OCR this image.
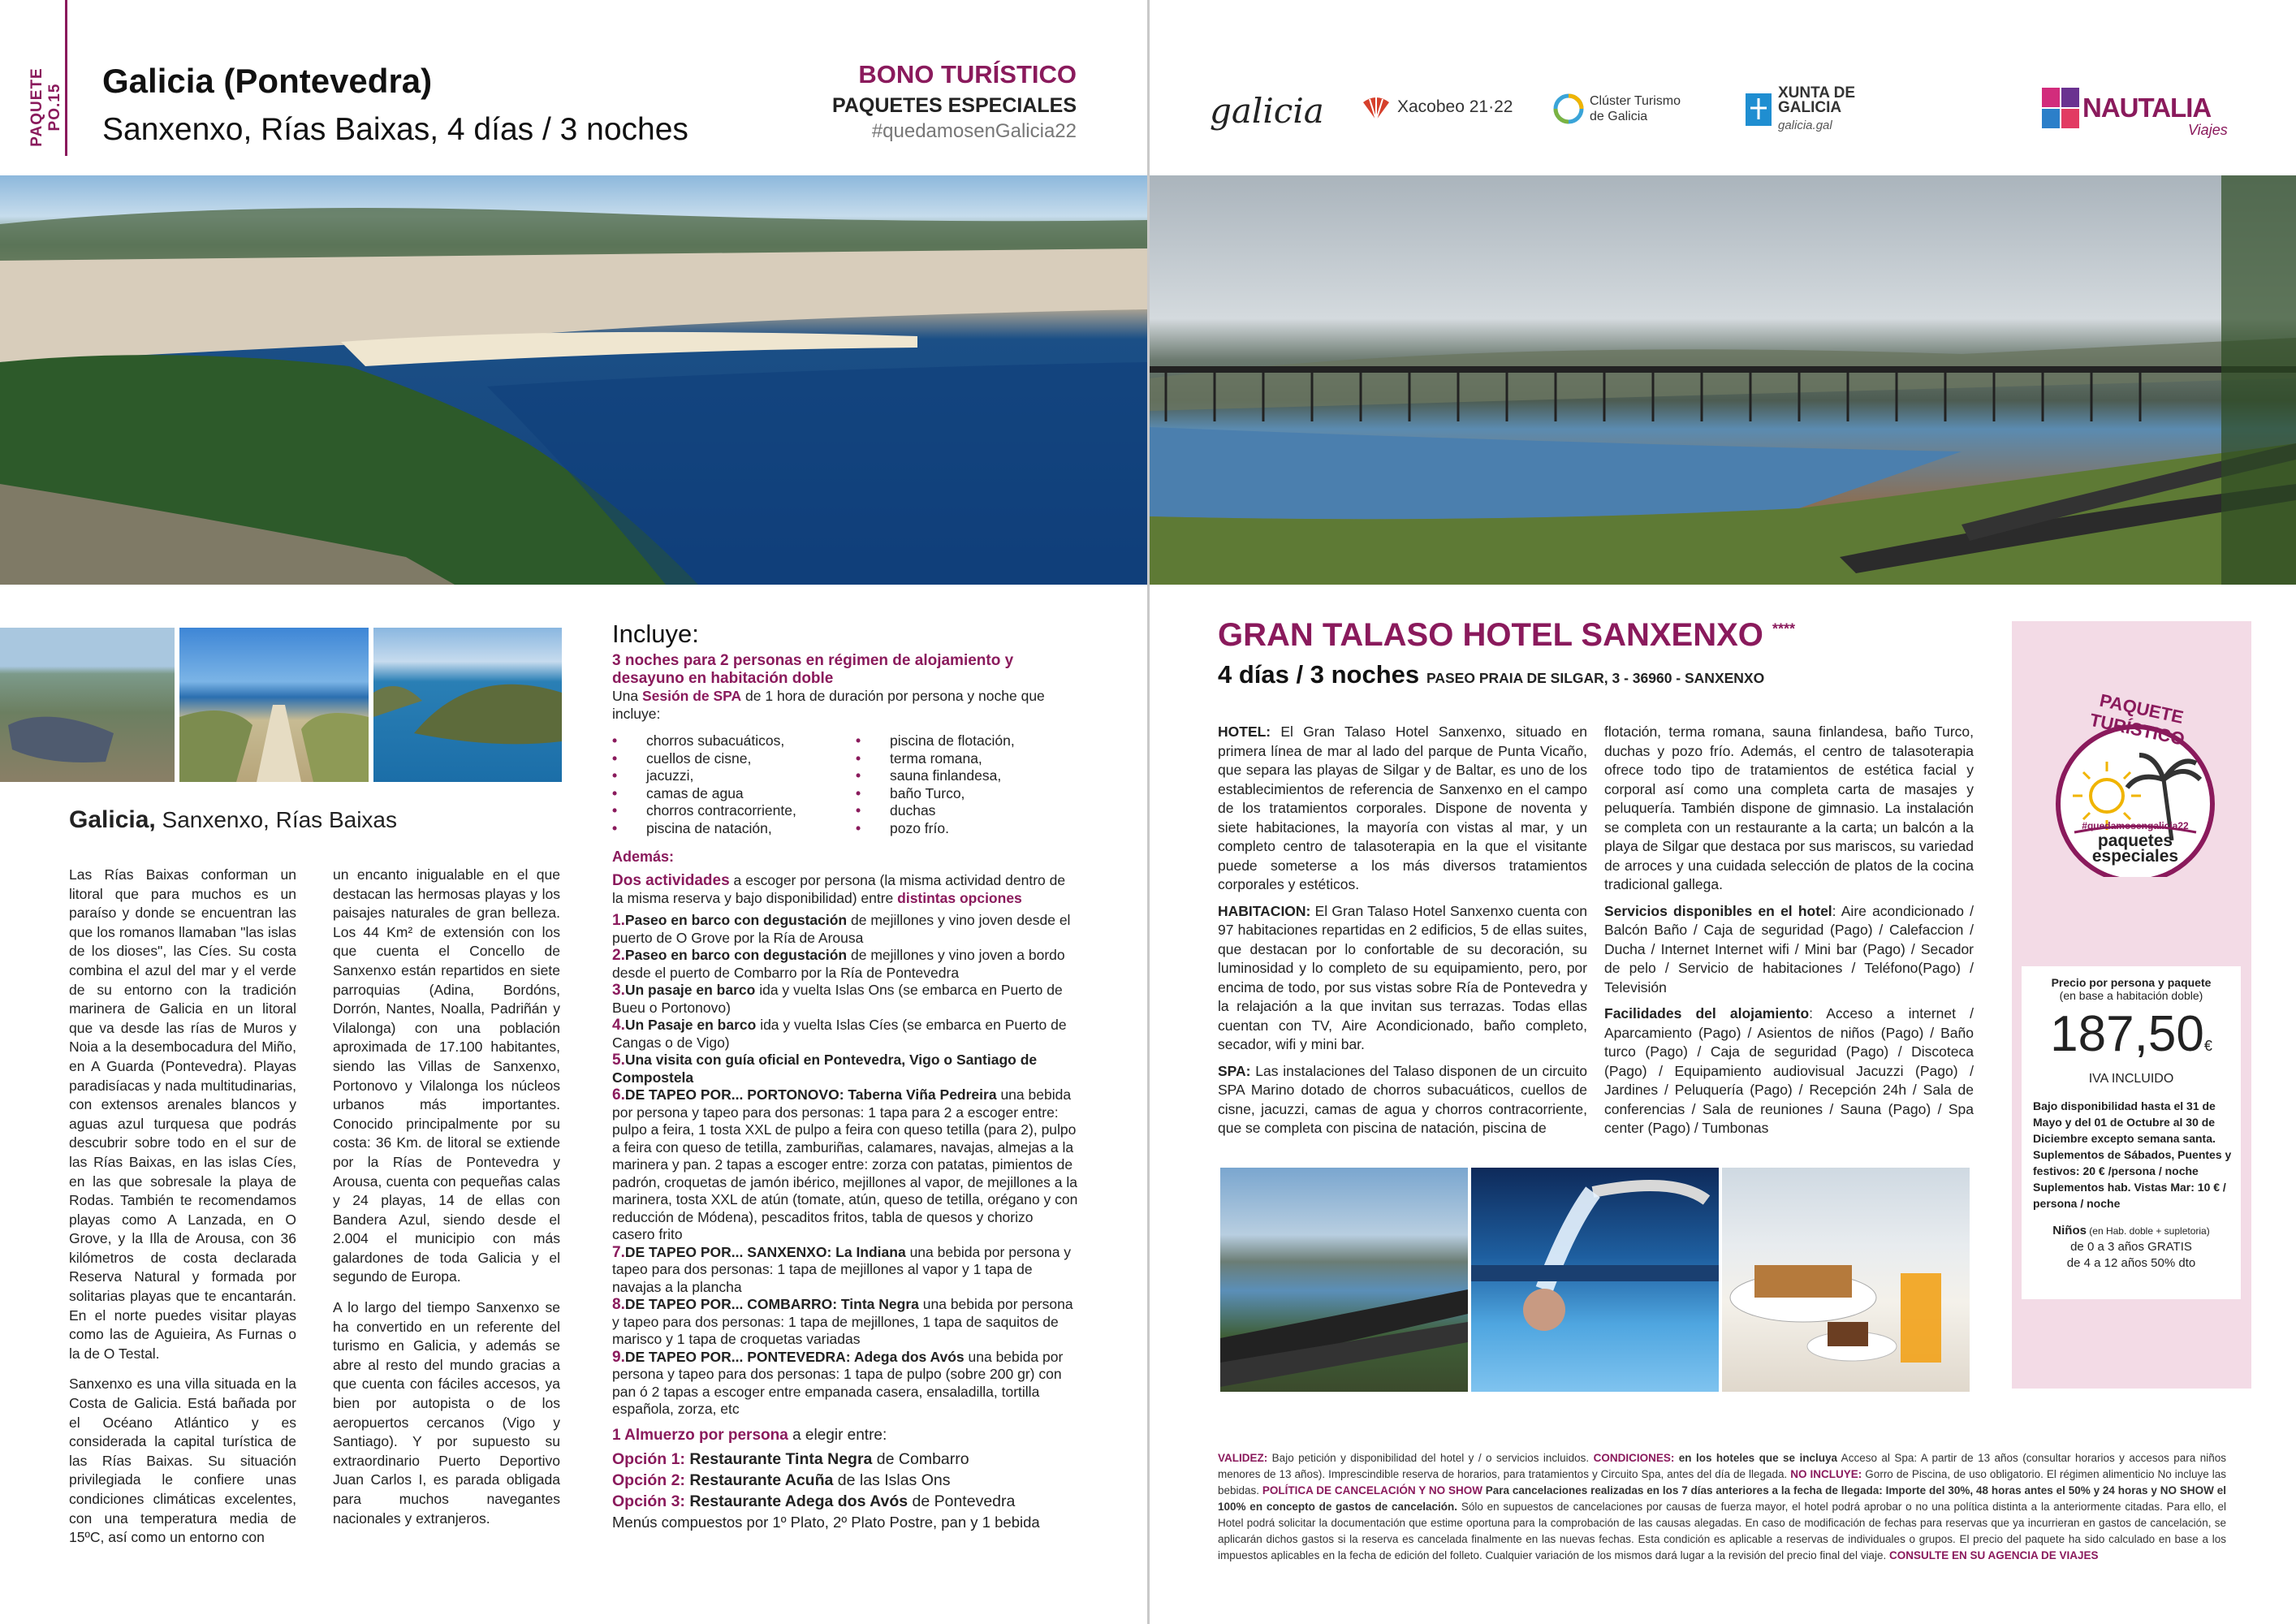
PAQUETE PO.15
Galicia (Pontevedra)
Sanxenxo, Rías Baixas, 4 días / 3 noches
BONO TURÍSTICO
PAQUETES ESPECIALES
#quedamosenGalicia22
Galicia, Sanxenxo, Rías Baixas

Las Rías Baixas conforman un litoral que para muchos es un paraíso y donde se encuentran las que los romanos llamaban "las islas de los dioses", las Cíes. Su costa combina el azul del mar y el verde de su entorno con la tradición marinera de Galicia en un litoral que va desde las rías de Muros y Noia a la desembocadura del Miño, en A Guarda (Pontevedra). Playas paradisíacas y nada multitudinarias, con extensos arenales blancos y aguas azul turquesa que podrás descubrir sobre todo en el sur de las Rías Baixas, en las islas Cíes, en las que sobresale la playa de Rodas. También te recomendamos playas como A Lanzada, en O Grove, y la Illa de Arousa, con 36 kilómetros de costa declarada Reserva Natural y formada por solitarias playas que te encantarán. En el norte puedes visitar playas como las de Aguieira, As Furnas o la de O Testal.

Sanxenxo es una villa situada en la Costa de Galicia. Está bañada por el Océano Atlántico y es considerada la capital turística de las Rías Baixas. Su situación privilegiada le confiere unas condiciones climáticas excelentes, con una temperatura media de 15ºC, así como un entorno con

un encanto inigualable en el que destacan las hermosas playas y los paisajes naturales de gran belleza. Los 44 Km² de extensión con los que cuenta el Concello de Sanxenxo están repartidos en siete parroquias (Adina, Bordóns, Dorrón, Nantes, Noalla, Padriñán y Vilalonga) con una población aproximada de 17.100 habitantes, siendo las Villas de Sanxenxo, Portonovo y Vilalonga los núcleos urbanos más importantes. Conocido principalmente por su costa: 36 Km. de litoral se extiende por la Rías de Pontevedra y Arousa, cuenta con pequeñas calas y 24 playas, 14 de ellas con Bandera Azul, siendo desde el 2.004 el municipio con más galardones de toda Galicia y el segundo de Europa.

A lo largo del tiempo Sanxenxo se ha convertido en un referente del turismo en Galicia, y además se abre al resto del mundo gracias a que cuenta con fáciles accesos, ya bien por autopista o de los aeropuertos cercanos (Vigo y Santiago). Y por supuesto su extraordinario Puerto Deportivo Juan Carlos I, es parada obligada para muchos navegantes nacionales y extranjeros.

Incluye:
3 noches para 2 personas en régimen de alojamiento y desayuno en habitación doble
Una Sesión de SPA de 1 hora de duración por persona y noche que incluye:
• chorros subacuáticos,
• cuellos de cisne,
• jacuzzi,
• camas de agua
• chorros contracorriente,
• piscina de natación,
• piscina de flotación,
• terma romana,
• sauna finlandesa,
• baño Turco,
• duchas
• pozo frío.
Además:
Dos actividades a escoger por persona (la misma actividad dentro de la misma reserva y bajo disponibilidad) entre distintas opciones
1.Paseo en barco con degustación de mejillones y vino joven desde el puerto de O Grove por la Ría de Arousa
2.Paseo en barco con degustación de mejillones y vino joven a bordo desde el puerto de Combarro por la Ría de Pontevedra
3.Un pasaje en barco ida y vuelta Islas Ons (se embarca en Puerto de Bueu o Portonovo)
4.Un Pasaje en barco ida y vuelta Islas Cíes (se embarca en Puerto de Cangas o de Vigo)
5.Una visita con guía oficial en Pontevedra, Vigo o Santiago de Compostela
6.DE TAPEO POR... PORTONOVO: Taberna Viña Pedreira una bebida por persona y tapeo para dos personas: 1 tapa para 2 a escoger entre: pulpo a feira, 1 tosta XXL de pulpo a feira con queso tetilla (para 2), pulpo a feira con queso de tetilla, zamburiñas, calamares, navajas, almejas a la marinera y pan. 2 tapas a escoger entre: zorza con patatas, pimientos de padrón, croquetas de jamón ibérico, mejillones al vapor, de mejillones a la marinera, tosta XXL de atún (tomate, atún, queso de tetilla, orégano y con reducción de Módena), pescaditos fritos, tabla de quesos y chorizo casero frito
7.DE TAPEO POR... SANXENXO: La Indiana una bebida por persona y tapeo para dos personas: 1 tapa de mejillones al vapor y 1 tapa de navajas a la plancha
8.DE TAPEO POR... COMBARRO: Tinta Negra una bebida por persona y tapeo para dos personas: 1 tapa de mejillones, 1 tapa de saquitos de marisco y 1 tapa de croquetas variadas
9.DE TAPEO POR... PONTEVEDRA: Adega dos Avós una bebida por persona y tapeo para dos personas: 1 tapa de pulpo (sobre 200 gr) con pan ó 2 tapas a escoger entre empanada casera, ensaladilla, tortilla española, zorza, etc
1 Almuerzo por persona a elegir entre:
Opción 1: Restaurante Tinta Negra de Combarro
Opción 2: Restaurante Acuña de las Islas Ons
Opción 3: Restaurante Adega dos Avós de Pontevedra
Menús compuestos por 1º Plato, 2º Plato Postre, pan y 1 bebida
galicia	Xacobeo 21·22	Clúster Turismo de Galicia
XUNTA DE GALICIA
galicia.gal
NAUTALIA
Viajes
GRAN TALASO HOTEL SANXENXO ****
4 días / 3 noches PASEO PRAIA DE SILGAR, 3 - 36960 - SANXENXO

HOTEL: El Gran Talaso Hotel Sanxenxo, situado en primera línea de mar al lado del parque de Punta Vicaño, que separa las playas de Silgar y de Baltar, es uno de los establecimientos de referencia de Sanxenxo en el campo de los tratamientos corporales. Dispone de noventa y siete habitaciones, la mayoría con vistas al mar, y un completo centro de talasoterapia en la que el visitante puede someterse a los más diversos tratamientos corporales y estéticos.

HABITACION: El Gran Talaso Hotel Sanxenxo cuenta con 97 habitaciones repartidas en 2 edificios, 5 de ellas suites, que destacan por lo confortable de su decoración, su luminosidad y lo completo de su equipamiento, pero, por encima de todo, por sus vistas sobre Ría de Pontevedra y la relajación a la que invitan sus terrazas. Todas ellas cuentan con TV, Aire Acondicionado, baño completo, secador, wifi y mini bar.

SPA: Las instalaciones del Talaso disponen de un circuito SPA Marino dotado de chorros subacuáticos, cuellos de cisne, jacuzzi, camas de agua y chorros contracorriente, que se completa con piscina de natación, piscina de

flotación, terma romana, sauna finlandesa, baño Turco, duchas y pozo frío. Además, el centro de talasoterapia ofrece todo tipo de tratamientos de estética facial y corporal así como una completa carta de masajes y peluquería. También dispone de gimnasio. La instalación se completa con un restaurante a la carta; un balcón a la playa de Silgar que destaca por sus mariscos, su variedad de arroces y una cuidada selección de platos de la cocina tradicional gallega.

Servicios disponibles en el hotel: Aire acondicionado / Balcón Baño / Caja de seguridad (Pago) / Calefaccion / Ducha / Internet Internet wifi / Mini bar (Pago) / Secador de pelo / Servicio de habitaciones / Teléfono(Pago) / Televisión

Facilidades del alojamiento: Acceso a internet / Aparcamiento (Pago) / Asientos de niños (Pago) / Baño turco (Pago) / Caja de seguridad (Pago) / Discoteca (Pago) / Equipamiento audiovisual Jacuzzi (Pago) / Jardines / Peluquería (Pago) / Recepción 24h / Sala de conferencias / Sala de reuniones / Sauna (Pago) / Spa center (Pago) / Tumbonas

PAQUETE TURÍSTICO
#quedamosengalicia22
paquetes
especiales
Precio por persona y paquete
(en base a habitación doble)
187,50€
IVA INCLUIDO
Bajo disponibilidad hasta el 31 de Mayo y del 01 de Octubre al 30 de Diciembre excepto semana santa. Suplementos de Sábados, Puentes y festivos: 20 € /persona / noche Suplementos hab. Vistas Mar: 10 € / persona / noche
Niños (en Hab. doble + supletoria)
de 0 a 3 años GRATIS
de 4 a 12 años 50% dto
VALIDEZ: Bajo petición y disponibilidad del hotel y / o servicios incluidos. CONDICIONES: en los hoteles que se incluya Acceso al Spa: A partir de 13 años (consultar horarios y accesos para niños menores de 13 años). Imprescindible reserva de horarios, para tratamientos y Circuito Spa, antes del día de llegada. NO INCLUYE: Gorro de Piscina, de uso obligatorio. El régimen alimenticio No incluye las bebidas. POLÍTICA DE CANCELACIÓN Y NO SHOW Para cancelaciones realizadas en los 7 días anteriores a la fecha de llegada: Importe del 30%, 48 horas antes el 50% y 24 horas y NO SHOW el 100% en concepto de gastos de cancelación. Sólo en supuestos de cancelaciones por causas de fuerza mayor, el hotel podrá aprobar o no una política distinta a la anteriormente citadas. Para ello, el Hotel podrá solicitar la documentación que estime oportuna para la comprobación de las causas alegadas. En caso de modificación de fechas para reservas que ya incurrieran en gastos de cancelación, se aplicarán dichos gastos si la reserva es cancelada finalmente en las nuevas fechas. Esta condición es aplicable a reservas de individuales o grupos. El precio del paquete ha sido calculado en base a los impuestos aplicables en la fecha de edición del folleto. Cualquier variación de los mismos dará lugar a la revisión del precio final del viaje. CONSULTE EN SU AGENCIA DE VIAJES
